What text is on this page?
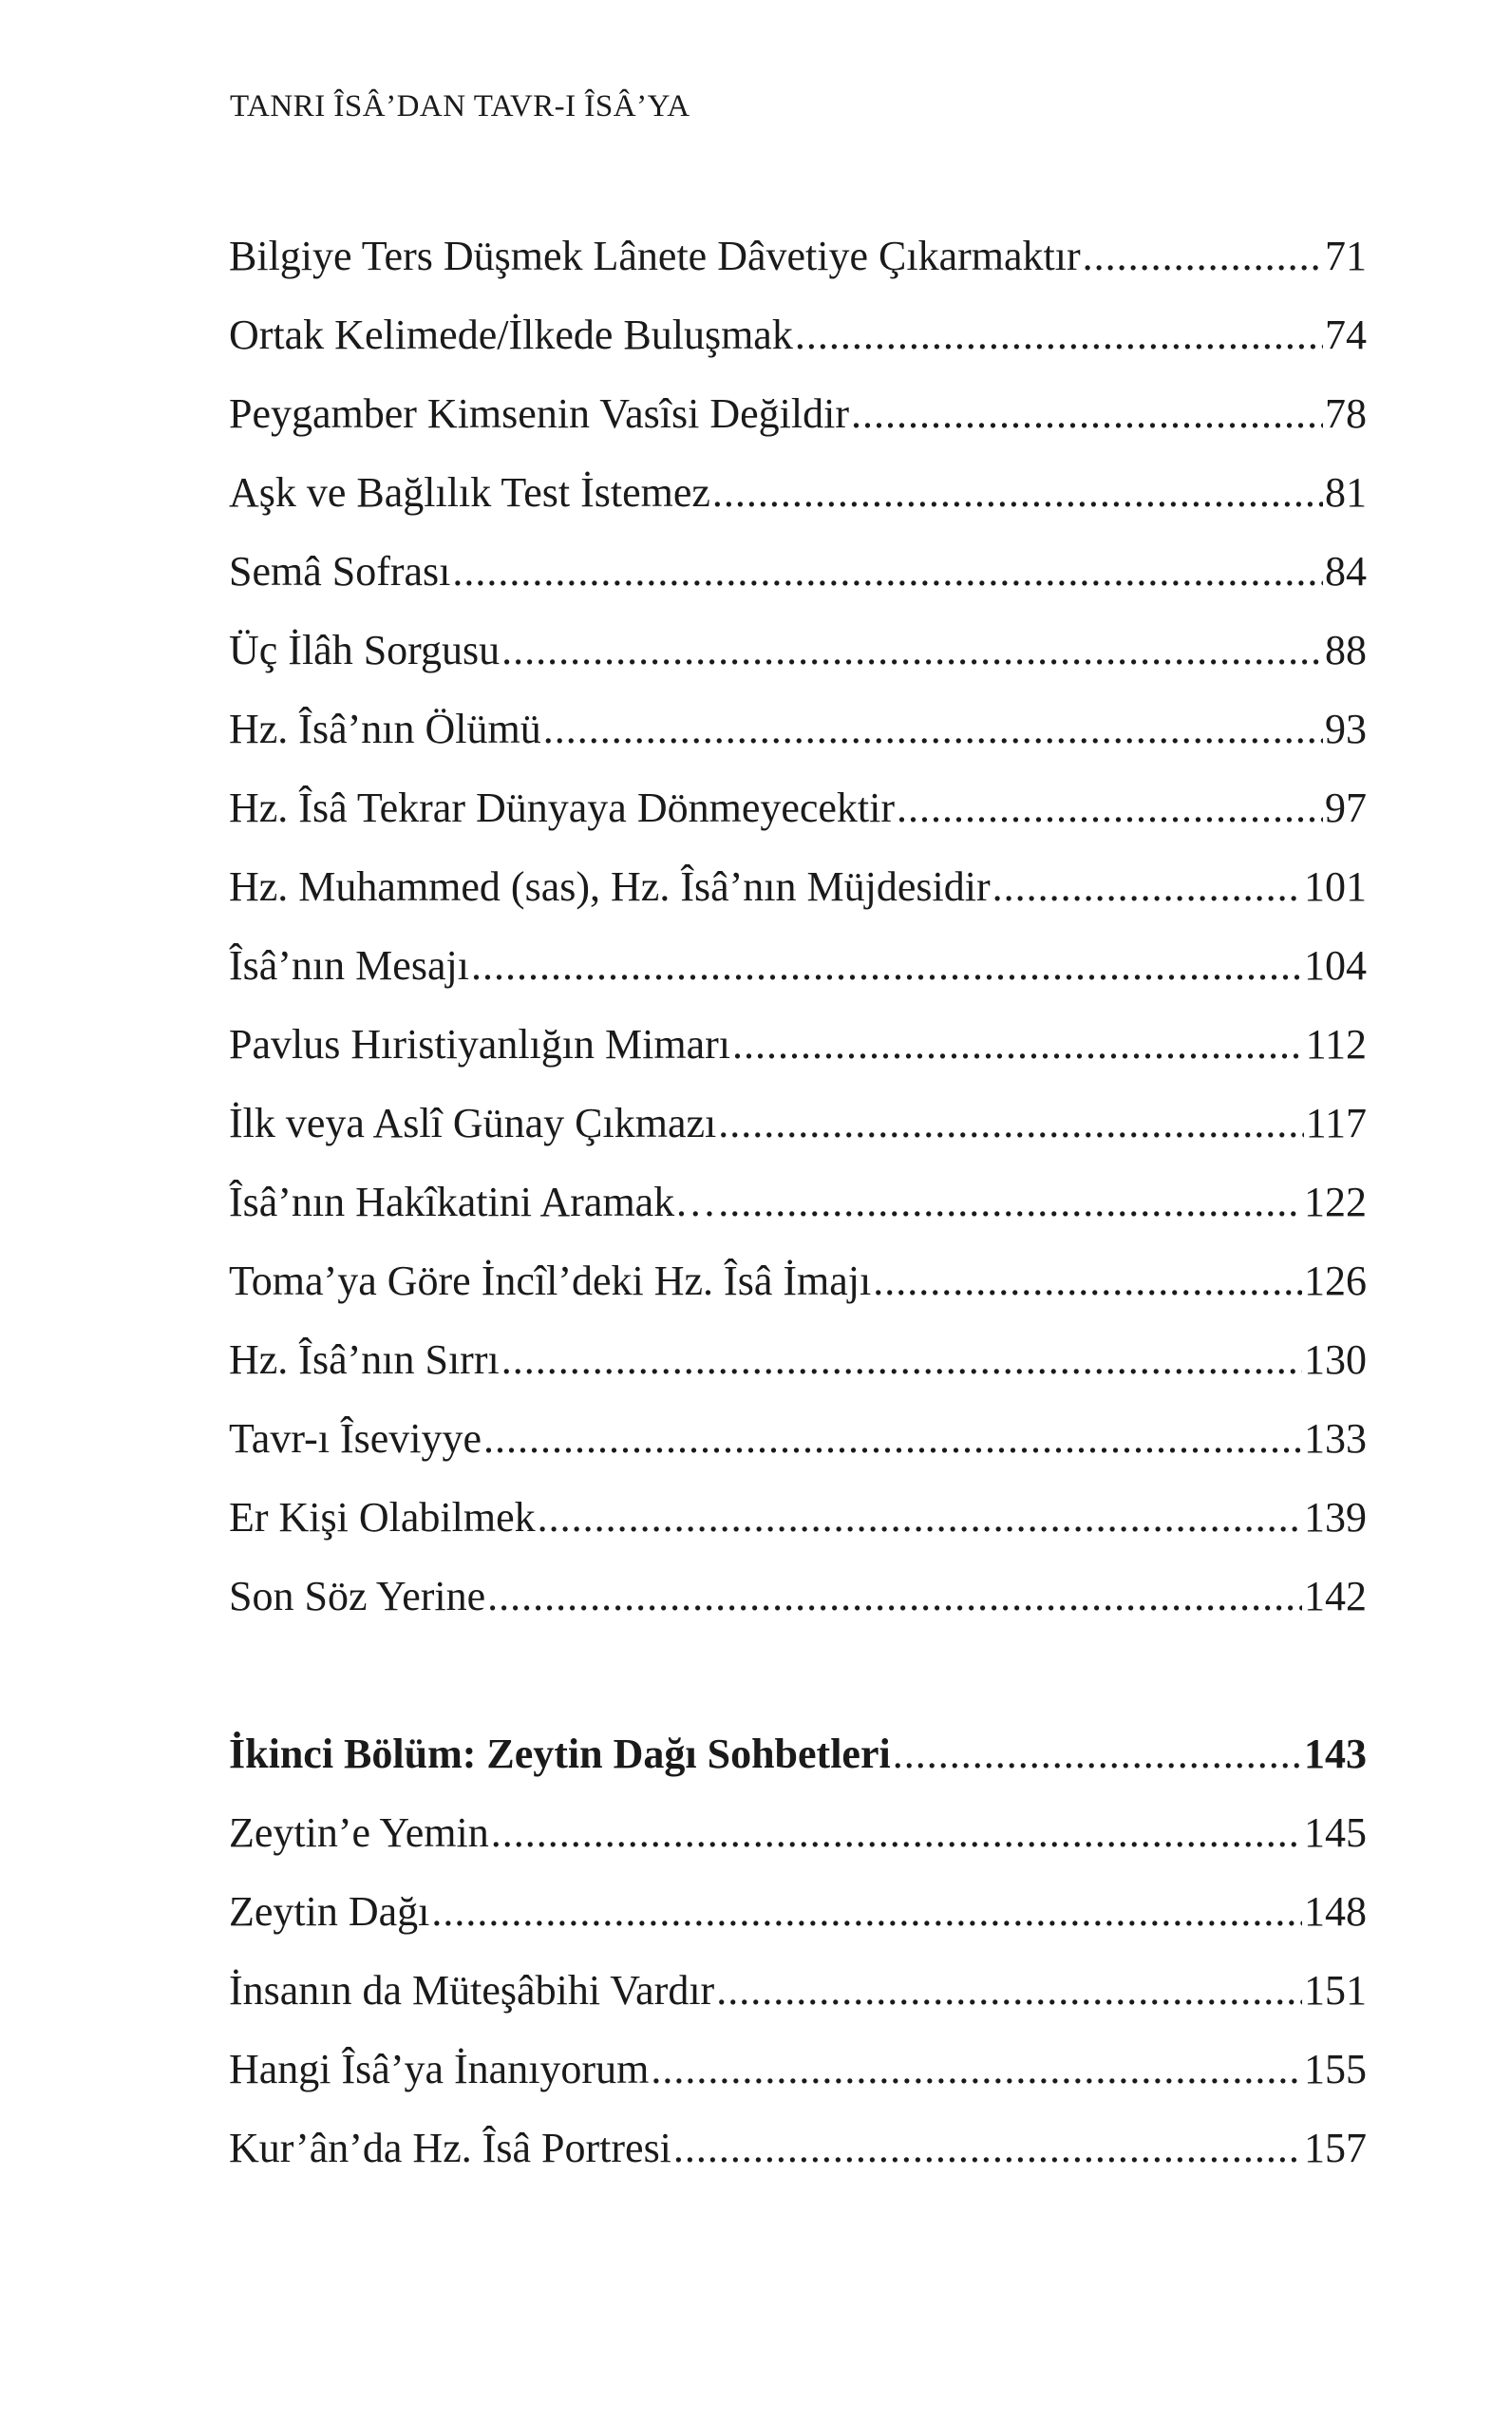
TANRI ÎSÂ’DAN TAVR-I ÎSÂ’YA
Bilgiye Ters Düşmek Lânete Dâvetiye Çıkarmaktır .....	71
Ortak Kelimede/İlkede Buluşmak .....	74
Peygamber Kimsenin Vasîsi Değildir .....	78
Aşk ve Bağlılık Test İstemez .....	81
Semâ Sofrası .....	84
Üç İlâh Sorgusu .....	88
Hz. Îsâ’nın Ölümü .....	93
Hz. Îsâ Tekrar Dünyaya Dönmeyecektir .....	97
Hz. Muhammed (sas), Hz. Îsâ’nın Müjdesidir .....	101
Îsâ’nın Mesajı .....	104
Pavlus Hıristiyanlığın Mimarı .....	112
İlk veya Aslî Günay Çıkmazı .....	117
Îsâ’nın Hakîkatini Aramak… .....	122
Toma’ya Göre İncîl’deki Hz. Îsâ İmajı .....	126
Hz. Îsâ’nın Sırrı .....	130
Tavr-ı Îseviyye .....	133
Er Kişi Olabilmek .....	139
Son Söz Yerine .....	142
İkinci Bölüm: Zeytin Dağı Sohbetleri .....	143
Zeytin’e Yemin .....	145
Zeytin Dağı .....	148
İnsanın da Müteşâbihi Vardır .....	151
Hangi Îsâ’ya İnanıyorum .....	155
Kur’ân’da Hz. Îsâ Portresi .....	157
